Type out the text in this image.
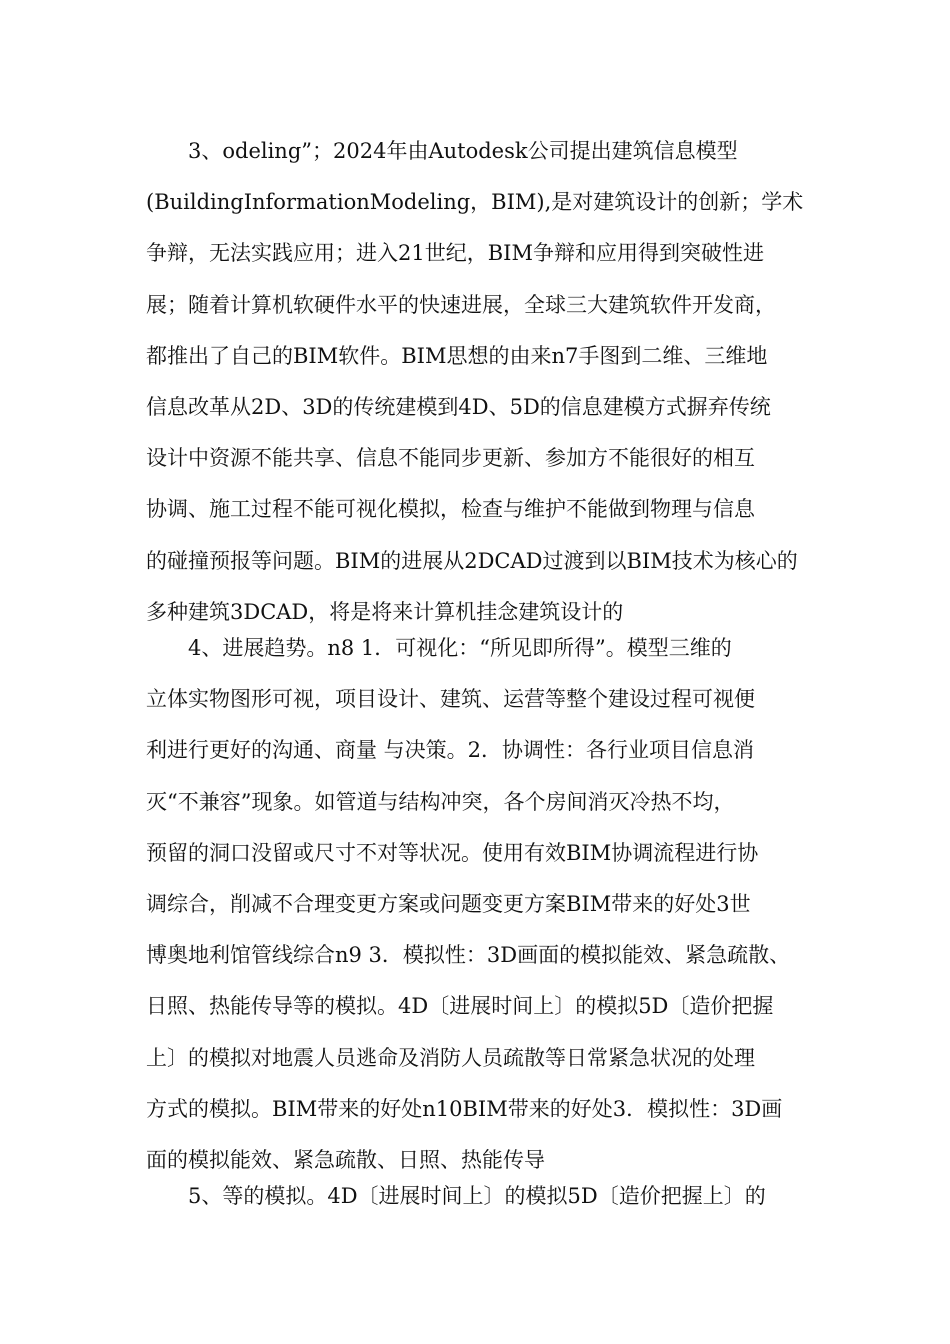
3、odeling”；2024年由Autodesk公司提出建筑信息模型
(BuildingInformationModeling，BIM),是对建筑设计的创新；学术
争辩，无法实践应用；进入21世纪，BIM争辩和应用得到突破性进
展；随着计算机软硬件水平的快速进展，全球三大建筑软件开发商，
都推出了自己的BIM软件。BIM思想的由来n7手图到二维、三维地
信息改革从2D、3D的传统建模到4D、5D的信息建模方式摒弃传统
设计中资源不能共享、信息不能同步更新、参加方不能很好的相互
协调、施工过程不能可视化模拟，检查与维护不能做到物理与信息
的碰撞预报等问题。BIM的进展从2DCAD过渡到以BIM技术为核心的
多种建筑3DCAD，将是将来计算机挂念建筑设计的
4、进展趋势。n8 1．可视化：“所见即所得”。模型三维的
立体实物图形可视，项目设计、建筑、运营等整个建设过程可视便
利进行更好的沟通、商量 与决策。2．协调性：各行业项目信息消
灭“不兼容”现象。如管道与结构冲突，各个房间消灭冷热不均，
预留的洞口没留或尺寸不对等状况。使用有效BIM协调流程进行协
调综合，削减不合理变更方案或问题变更方案BIM带来的好处3世
博奥地利馆管线综合n9 3．模拟性：3D画面的模拟能效、紧急疏散、
日照、热能传导等的模拟。4D〔进展时间上〕的模拟5D〔造价把握
上〕的模拟对地震人员逃命及消防人员疏散等日常紧急状况的处理
方式的模拟。BIM带来的好处n10BIM带来的好处3．模拟性：3D画
面的模拟能效、紧急疏散、日照、热能传导
5、等的模拟。4D〔进展时间上〕的模拟5D〔造价把握上〕的
